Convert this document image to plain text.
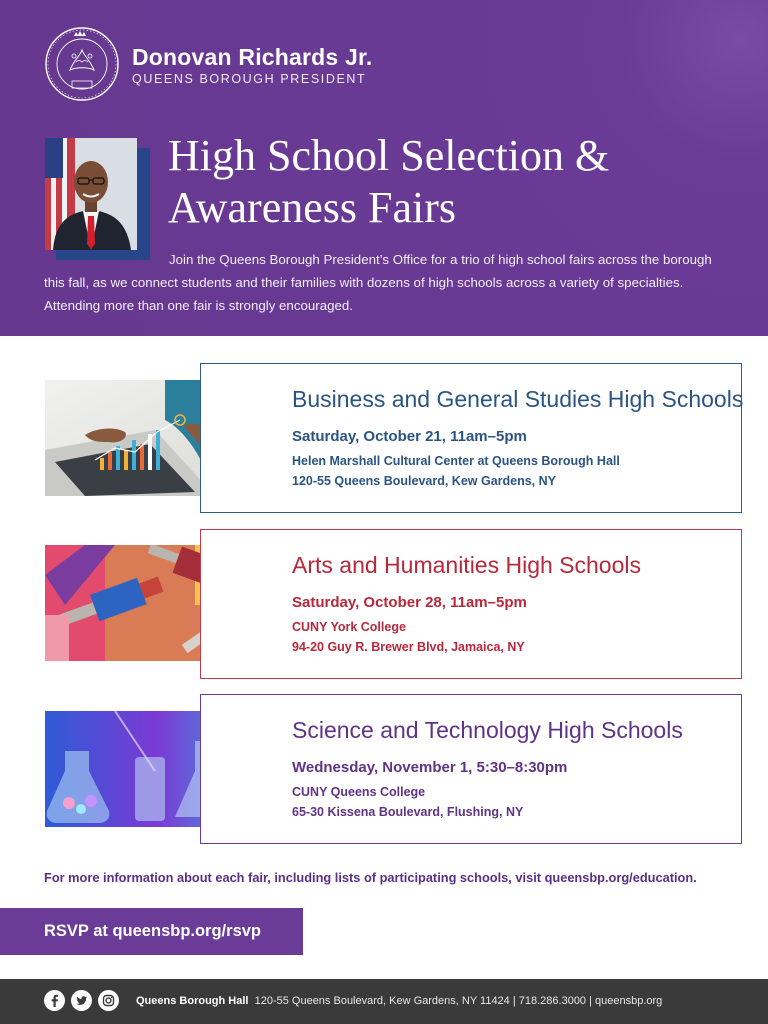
Donovan Richards Jr.
QUEENS BOROUGH PRESIDENT
High School Selection &
Awareness Fairs

Join the Queens Borough President’s Office for a trio of high school fairs across the borough this fall, as we connect students and their families with dozens of high schools across a variety of specialties. Attending more than one fair is strongly encouraged.

Business and General Studies High Schools
Saturday, October 21, 11am–5pm
Helen Marshall Cultural Center at Queens Borough Hall
120-55 Queens Boulevard, Kew Gardens, NY
Arts and Humanities High Schools
Saturday, October 28, 11am–5pm
CUNY York College
94-20 Guy R. Brewer Blvd, Jamaica, NY
Science and Technology High Schools
Wednesday, November 1, 5:30–8:30pm
CUNY Queens College
65-30 Kissena Boulevard, Flushing, NY
For more information about each fair, including lists of participating schools, visit queensbp.org/education.
RSVP at queensbp.org/rsvp
Queens Borough Hall 120-55 Queens Boulevard, Kew Gardens, NY 11424 | 718.286.3000 | queensbp.org
